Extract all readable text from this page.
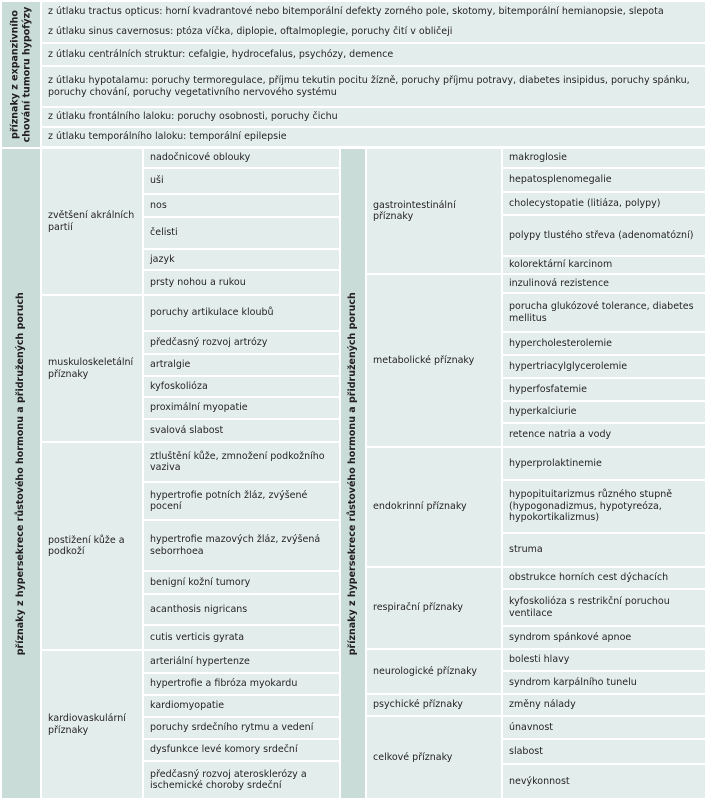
příznaky z expanzivního chování tumoru hypofýzy z útlaku tractus opticus: horní kvadrantové nebo bitemporální defekty zorného pole, skotomy, bitemporální hemianopsie, slepota
z útlaku sinus cavernosus: ptóza víčka, diplopie, oftalmoplegie, poruchy čití v obličeji
z útlaku centrálních struktur: cefalgie, hydrocefalus, psychózy, demence
z útlaku hypotalamu: poruchy termoregulace, příjmu tekutin pocitu žízně, poruchy příjmu potravy, diabetes insipidus, poruchy spánku, poruchy chování, poruchy vegetativního nervového systému
z útlaku frontálního laloku: poruchy osobnosti, poruchy čichu
z útlaku temporálního laloku: temporální epilepsie
příznaky z hypersekrece růstového hormonu a přidružených poruch
zvětšení akrálních partií
nadočnicové oblouky
uši
nos
čelisti
jazyk
prsty nohou a rukou
muskuloskeletální příznaky
poruchy artikulace kloubů
předčasný rozvoj artrózy
artralgie
kyfoskolióza
proximální myopatie
svalová slabost
postižení kůže a podkoží
ztluštění kůže, zmnožení podkožního vaziva
hypertrofie potních žláz, zvýšené pocení
hypertrofie mazových žláz, zvýšená seborrhoea
benigní kožní tumory
acanthosis nigricans
cutis verticis gyrata
kardiovaskulární příznaky
arteriální hypertenze
hypertrofie a fibróza myokardu
kardiomyopatie
poruchy srdečního rytmu a vedení
dysfunkce levé komory srdeční
předčasný rozvoj aterosklerózy a ischemické choroby srdeční
příznaky z hypersekrece růstového hormonu a přidružených poruch
gastrointestinální příznaky
makroglosie
hepatosplenomegalie
cholecystopatie (litiáza, polypy)
polypy tlustého střeva (adenomatózní)
kolorektární karcinom
metabolické příznaky
inzulinová rezistence
porucha glukózové tolerance, diabetes mellitus
hypercholesterolemie
hypertriacylglycerolemie
hyperfosfatemie
hyperkalciurie
retence natria a vody
endokrinní příznaky
hyperprolaktinemie
hypopituitarizmus různého stupně (hypogonadizmus, hypotyreóza, hypokortikalizmus)
struma
respirační příznaky
obstrukce horních cest dýchacích
kyfoskolióza s restrikční poruchou ventilace
syndrom spánkové apnoe
neurologické příznaky
bolesti hlavy
syndrom karpálního tunelu
psychické příznaky	změny nálady
celkové příznaky
únavnost
slabost
nevýkonnost
